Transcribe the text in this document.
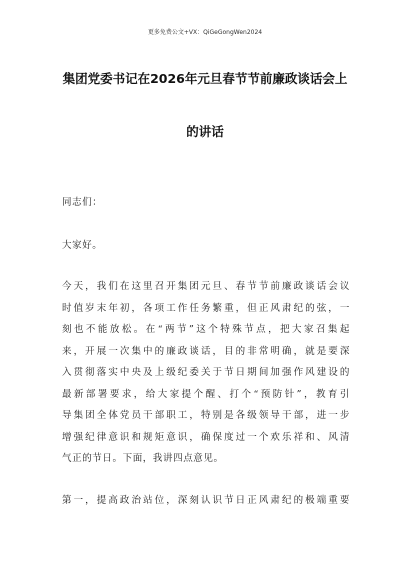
更多免费公文+VX：QiGeGongWen2024
集团党委书记在2026年元旦春节节前廉政谈话会上
的讲话

同志们：

大家好。

今天，我们在这里召开集团元旦、春节节前廉政谈话会议
时值岁末年初，各项工作任务繁重，但正风肃纪的弦，一
刻也不能放松。在“两节”这个特殊节点，把大家召集起
来，开展一次集中的廉政谈话，目的非常明确，就是要深
入贯彻落实中央及上级纪委关于节日期间加强作风建设的
最新部署要求，给大家提个醒、打个“预防针”，教育引
导集团全体党员干部职工，特别是各级领导干部，进一步
增强纪律意识和规矩意识，确保度过一个欢乐祥和、风清
气正的节日。下面，我讲四点意见。
第一，提高政治站位，深刻认识节日正风肃纪的极端重要
